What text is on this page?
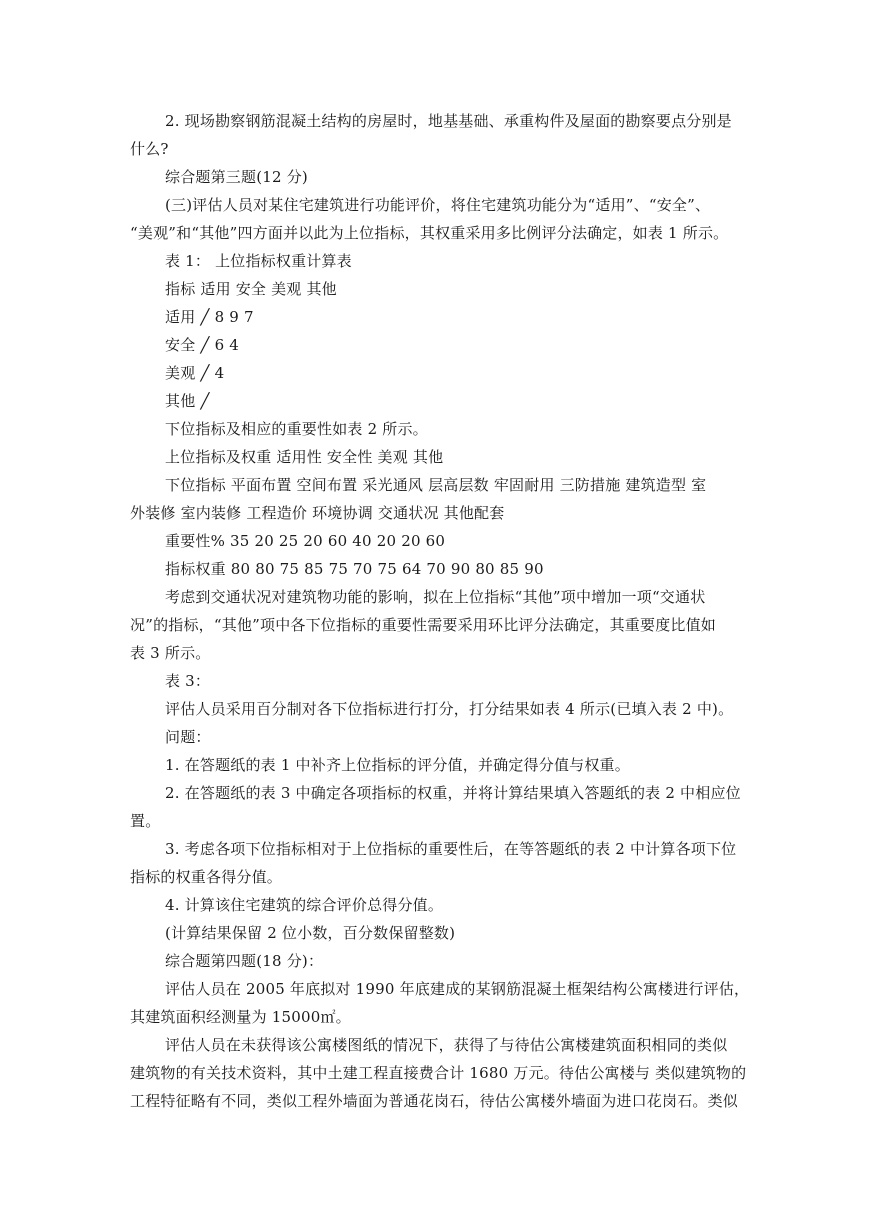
2. 现场勘察钢筋混凝土结构的房屋时，地基基础、承重构件及屋面的勘察要点分别是
什么?
综合题第三题(12 分)
(三)评估人员对某住宅建筑进行功能评价，将住宅建筑功能分为“适用”、“安全”、
“美观”和“其他”四方面并以此为上位指标，其权重采用多比例评分法确定，如表 1 所示。
表 1： 上位指标权重计算表
指标 适用 安全 美观 其他
适用 ╱ 8 9 7
安全 ╱ 6 4
美观 ╱ 4
其他 ╱
下位指标及相应的重要性如表 2 所示。
上位指标及权重 适用性 安全性 美观 其他
下位指标 平面布置 空间布置 采光通风 层高层数 牢固耐用 三防措施 建筑造型 室
外装修 室内装修 工程造价 环境协调 交通状况 其他配套
重要性% 35 20 25 20 60 40 20 20 60
指标权重 80 80 75 85 75 70 75 64 70 90 80 85 90
考虑到交通状况对建筑物功能的影响，拟在上位指标“其他”项中增加一项“交通状
况”的指标，“其他”项中各下位指标的重要性需要采用环比评分法确定，其重要度比值如
表 3 所示。
表 3：
评估人员采用百分制对各下位指标进行打分，打分结果如表 4 所示(已填入表 2 中)。
问题：
1. 在答题纸的表 1 中补齐上位指标的评分值，并确定得分值与权重。
2. 在答题纸的表 3 中确定各项指标的权重，并将计算结果填入答题纸的表 2 中相应位
置。
3. 考虑各项下位指标相对于上位指标的重要性后，在等答题纸的表 2 中计算各项下位
指标的权重各得分值。
4. 计算该住宅建筑的综合评价总得分值。
(计算结果保留 2 位小数，百分数保留整数)
综合题第四题(18 分)：
评估人员在 2005 年底拟对 1990 年底建成的某钢筋混凝土框架结构公寓楼进行评估，
其建筑面积经测量为 15000㎡。
评估人员在未获得该公寓楼图纸的情况下，获得了与待估公寓楼建筑面积相同的类似
建筑物的有关技术资料，其中土建工程直接费合计 1680 万元。待估公寓楼与 类似建筑物的
工程特征略有不同，类似工程外墙面为普通花岗石，待估公寓楼外墙面为进口花岗石。类似
